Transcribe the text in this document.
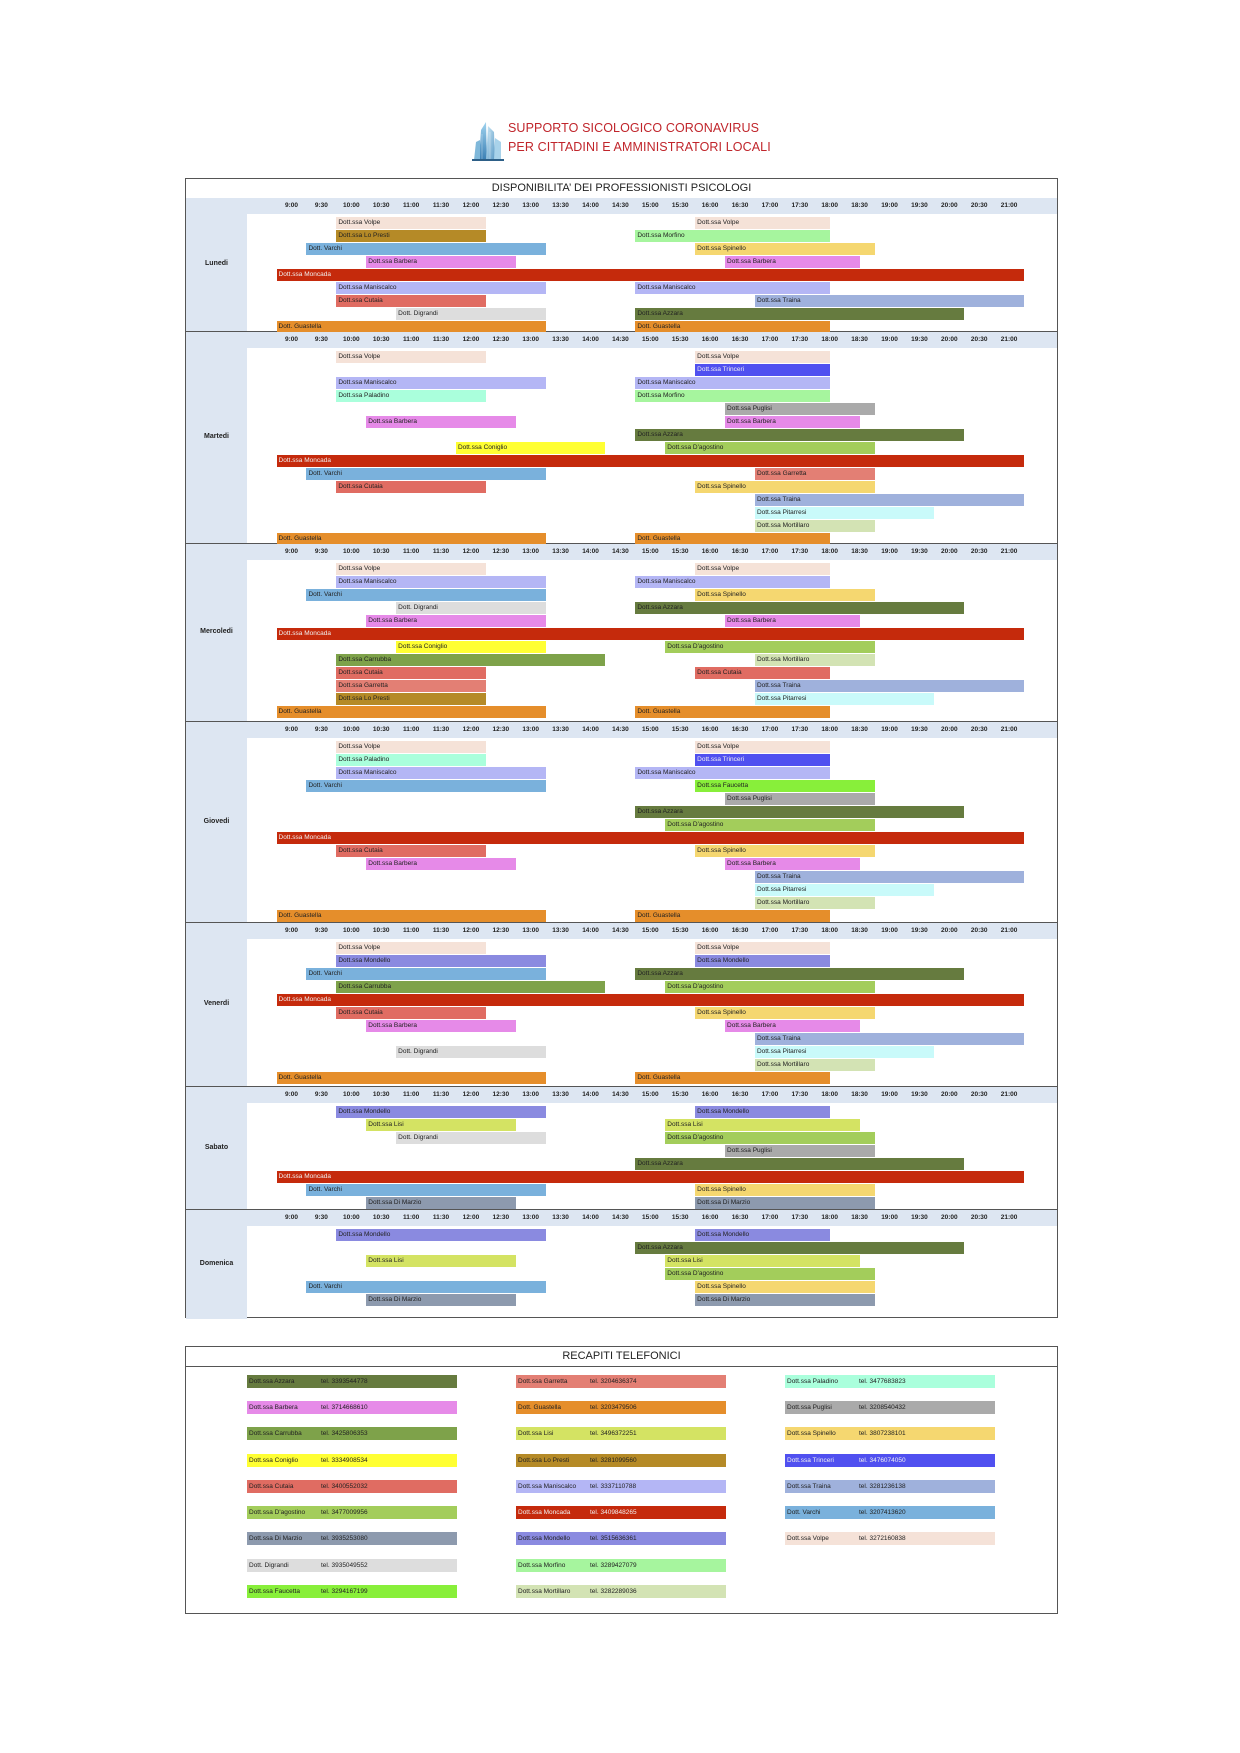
SUPPORTO SICOLOGICO CORONAVIRUS
PER CITTADINI E AMMINISTRATORI LOCALI
DISPONIBILITA’ DEI PROFESSIONISTI PSICOLOGI
Lunedi
9:00	9:30	10:00	10:30	11:00	11:30	12:00	12:30	13:00	13:30	14:00	14:30	15:00	15:30	16:00	16:30	17:00	17:30	18:00	18:30	19:00	19:30	20:00	20:30	21:00
Dott.ssa Volpe	Dott.ssa Volpe
Dott.ssa Lo Presti	Dott.ssa Morfino
Dott. Varchi	Dott.ssa Spinello
Dott.ssa Barbera	Dott.ssa Barbera
Dott.ssa Moncada
Dott.ssa Maniscalco	Dott.ssa Maniscalco
Dott.ssa Cutaia	Dott.ssa Traina
Dott. Digrandi	Dott.ssa Azzara
Dott. Guastella	Dott. Guastella
Martedi
9:00	9:30	10:00	10:30	11:00	11:30	12:00	12:30	13:00	13:30	14:00	14:30	15:00	15:30	16:00	16:30	17:00	17:30	18:00	18:30	19:00	19:30	20:00	20:30	21:00
Dott.ssa Volpe	Dott.ssa Volpe
Dott.ssa Trinceri
Dott.ssa Maniscalco	Dott.ssa Maniscalco
Dott.ssa Paladino	Dott.ssa Morfino
Dott.ssa Puglisi
Dott.ssa Barbera	Dott.ssa Barbera
Dott.ssa Azzara
Dott.ssa Coniglio	Dott.ssa D'agostino
Dott.ssa Moncada
Dott. Varchi	Dott.ssa Garretta
Dott.ssa Cutaia	Dott.ssa Spinello
Dott.ssa Traina
Dott.ssa Pitarresi
Dott.ssa Mortillaro
Dott. Guastella	Dott. Guastella
Mercoledi
9:00	9:30	10:00	10:30	11:00	11:30	12:00	12:30	13:00	13:30	14:00	14:30	15:00	15:30	16:00	16:30	17:00	17:30	18:00	18:30	19:00	19:30	20:00	20:30	21:00
Dott.ssa Volpe	Dott.ssa Volpe
Dott.ssa Maniscalco	Dott.ssa Maniscalco
Dott. Varchi	Dott.ssa Spinello
Dott. Digrandi	Dott.ssa Azzara
Dott.ssa Barbera	Dott.ssa Barbera
Dott.ssa Moncada
Dott.ssa Coniglio	Dott.ssa D'agostino
Dott.ssa Carrubba	Dott.ssa Mortillaro
Dott.ssa Cutaia	Dott.ssa Cutaia
Dott.ssa Garretta	Dott.ssa Traina
Dott.ssa Lo Presti	Dott.ssa Pitarresi
Dott. Guastella	Dott. Guastella
Giovedi
9:00	9:30	10:00	10:30	11:00	11:30	12:00	12:30	13:00	13:30	14:00	14:30	15:00	15:30	16:00	16:30	17:00	17:30	18:00	18:30	19:00	19:30	20:00	20:30	21:00
Dott.ssa Volpe	Dott.ssa Volpe
Dott.ssa Paladino	Dott.ssa Trinceri
Dott.ssa Maniscalco	Dott.ssa Maniscalco
Dott. Varchi	Dott.ssa Faucetta
Dott.ssa Puglisi
Dott.ssa Azzara
Dott.ssa D'agostino
Dott.ssa Moncada
Dott.ssa Cutaia	Dott.ssa Spinello
Dott.ssa Barbera	Dott.ssa Barbera
Dott.ssa Traina
Dott.ssa Pitarresi
Dott.ssa Mortillaro
Dott. Guastella	Dott. Guastella
Venerdi
9:00	9:30	10:00	10:30	11:00	11:30	12:00	12:30	13:00	13:30	14:00	14:30	15:00	15:30	16:00	16:30	17:00	17:30	18:00	18:30	19:00	19:30	20:00	20:30	21:00
Dott.ssa Volpe	Dott.ssa Volpe
Dott.ssa Mondello	Dott.ssa Mondello
Dott. Varchi	Dott.ssa Azzara
Dott.ssa Carrubba	Dott.ssa D'agostino
Dott.ssa Moncada
Dott.ssa Cutaia	Dott.ssa Spinello
Dott.ssa Barbera	Dott.ssa Barbera
Dott.ssa Traina
Dott. Digrandi	Dott.ssa Pitarresi
Dott.ssa Mortillaro
Dott. Guastella	Dott. Guastella
Sabato
9:00	9:30	10:00	10:30	11:00	11:30	12:00	12:30	13:00	13:30	14:00	14:30	15:00	15:30	16:00	16:30	17:00	17:30	18:00	18:30	19:00	19:30	20:00	20:30	21:00
Dott.ssa Mondello	Dott.ssa Mondello
Dott.ssa Lisi	Dott.ssa Lisi
Dott. Digrandi	Dott.ssa D'agostino
Dott.ssa Puglisi
Dott.ssa Azzara
Dott.ssa Moncada
Dott. Varchi	Dott.ssa Spinello
Dott.ssa Di Marzio	Dott.ssa Di Marzio
Domenica
9:00	9:30	10:00	10:30	11:00	11:30	12:00	12:30	13:00	13:30	14:00	14:30	15:00	15:30	16:00	16:30	17:00	17:30	18:00	18:30	19:00	19:30	20:00	20:30	21:00
Dott.ssa Mondello	Dott.ssa Mondello
Dott.ssa Azzara
Dott.ssa Lisi	Dott.ssa Lisi
Dott.ssa D'agostino
Dott. Varchi	Dott.ssa Spinello
Dott.ssa Di Marzio	Dott.ssa Di Marzio
RECAPITI TELEFONICI
Dott.ssa Azzara	tel. 3393544778
Dott.ssa Barbera	tel. 3714668610
Dott.ssa Carrubba	tel. 3425806353
Dott.ssa Coniglio	tel. 3334908534
Dott.ssa Cutaia	tel. 3400552032
Dott.ssa D'agostino tel. 3477009956
Dott.ssa Di Marzio	tel. 3935253080
Dott. Digrandi	tel. 3935049552
Dott.ssa Faucetta	tel. 3294167199
Dott.ssa Garretta	tel. 3204636374
Dott. Guastella	tel. 3203479506
Dott.ssa Lisi	tel. 3496372251
Dott.ssa Lo Presti	tel. 3281099560
Dott.ssa Maniscalco tel. 3337110788
Dott.ssa Moncada	tel. 3409848265
Dott.ssa Mondello	tel. 3515636361
Dott.ssa Morfino	tel. 3289427079
Dott.ssa Mortillaro	tel. 3282289036
Dott.ssa Paladino	tel. 3477683823
Dott.ssa Puglisi	tel. 3208540432
Dott.ssa Spinello	tel. 3807238101
Dott.ssa Trinceri	tel. 3476074050
Dott.ssa Traina	tel. 3281236138
Dott. Varchi	tel. 3207413620
Dott.ssa Volpe	tel. 3272160838
